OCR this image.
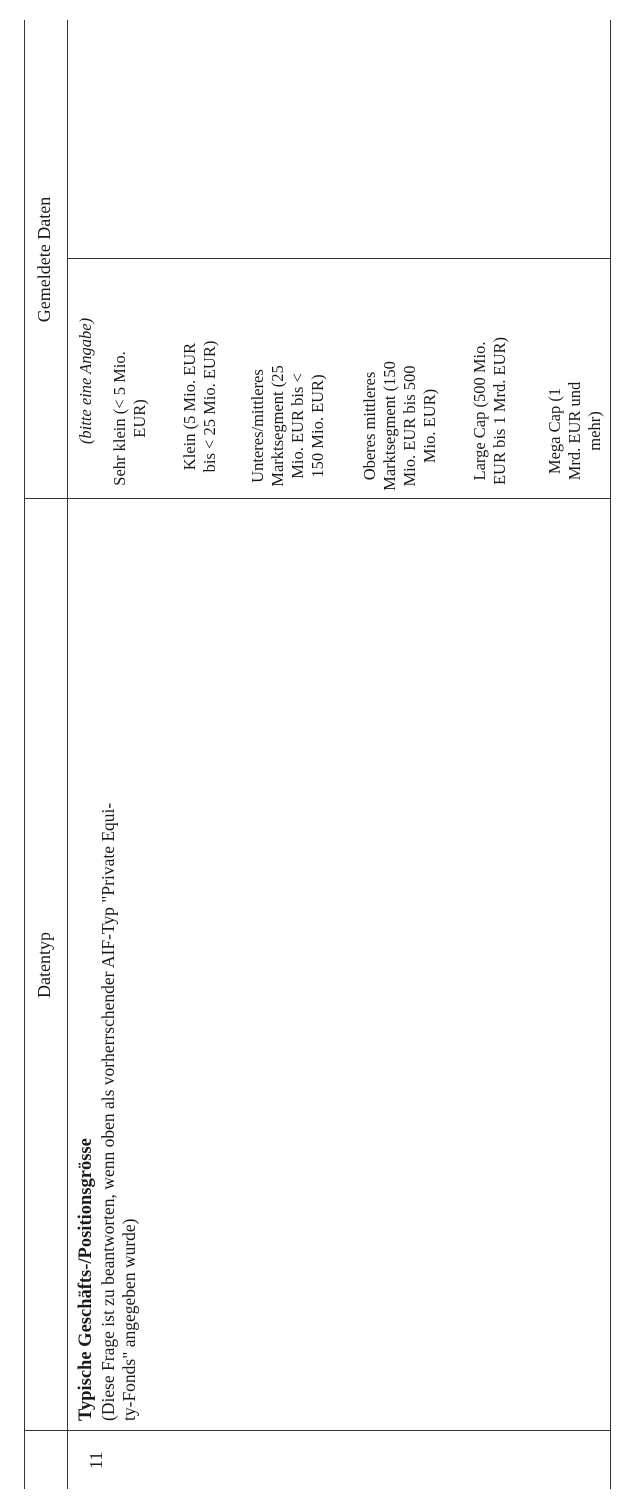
Datentyp
Gemeldete Daten
11
Typische Geschäfts-/Positionsgrösse (Diese Frage ist zu beantworten, wenn oben als vorherrschender AIF-Typ "Private Equi- ty-Fonds" angegeben wurde)
(bitte eine Angabe) Sehr klein (< 5 Mio. EUR) Klein (5 Mio. EUR bis < 25 Mio. EUR) Unteres/mittleres Marktsegment (25 Mio. EUR bis < 150 Mio. EUR) Oberes mittleres Marktsegment (150 Mio. EUR bis 500 Mio. EUR) Large Cap (500 Mio. EUR bis 1 Mrd. EUR) Mega Cap (1 Mrd. EUR und mehr)
